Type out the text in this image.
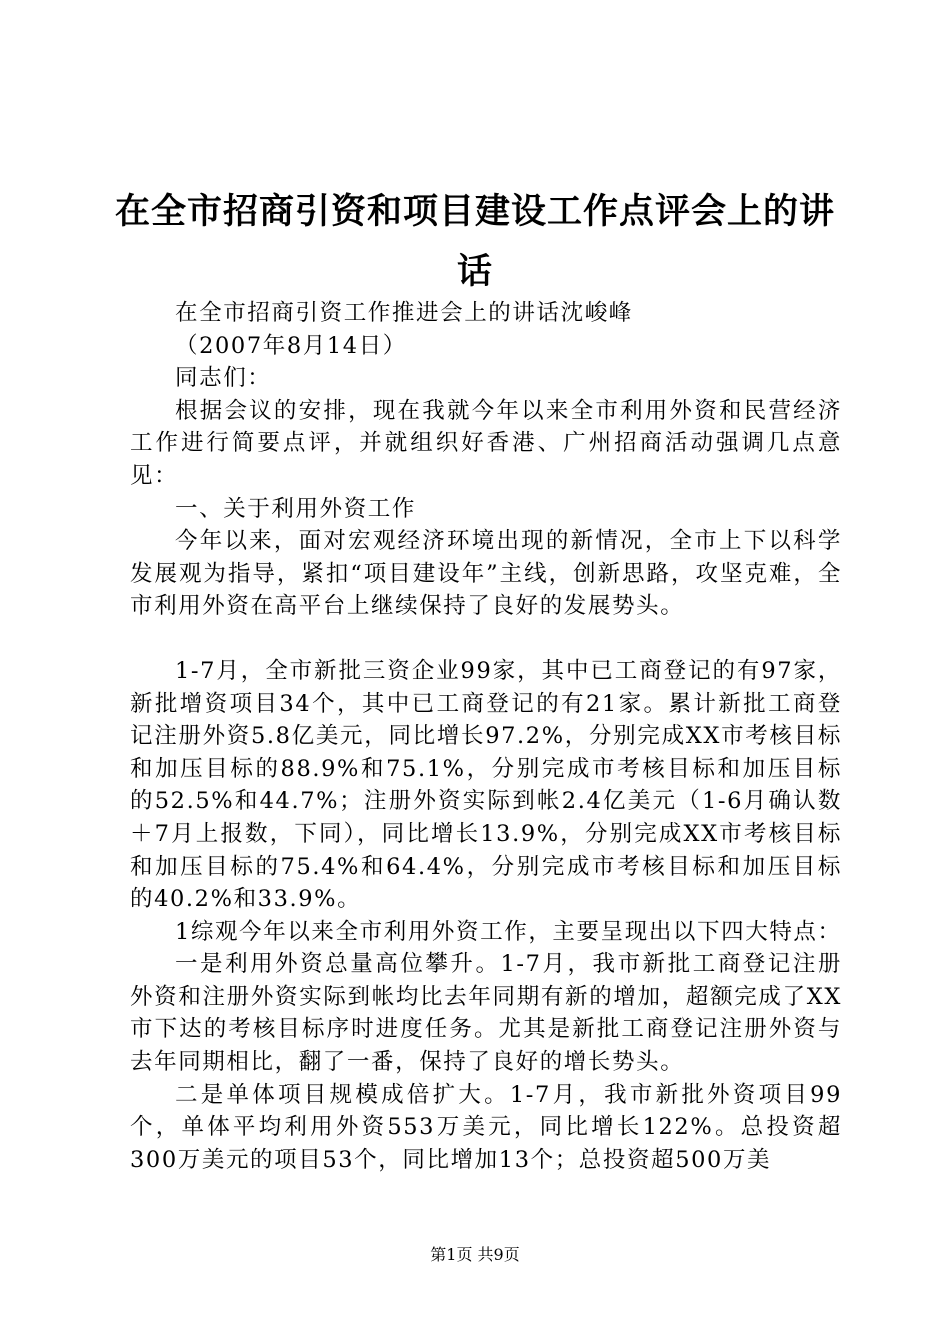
在全市招商引资和项目建设工作点评会上的讲
话

在全市招商引资工作推进会上的讲话沈峻峰

（2007年8月14日）

同志们：

根据会议的安排，现在我就今年以来全市利用外资和民营经济工作进行简要点评，并就组织好香港、广州招商活动强调几点意见：

一、关于利用外资工作

今年以来，面对宏观经济环境出现的新情况，全市上下以科学发展观为指导，紧扣“项目建设年”主线，创新思路，攻坚克难，全市利用外资在高平台上继续保持了良好的发展势头。

1-7月，全市新批三资企业99家，其中已工商登记的有97家，新批增资项目34个，其中已工商登记的有21家。累计新批工商登记注册外资5.8亿美元，同比增长97.2%，分别完成XX市考核目标和加压目标的88.9%和75.1%，分别完成市考核目标和加压目标的52.5%和44.7%；注册外资实际到帐2.4亿美元（1-6月确认数＋7月上报数，下同），同比增长13.9%，分别完成XX市考核目标和加压目标的75.4%和64.4%，分别完成市考核目标和加压目标的40.2%和33.9%。

1综观今年以来全市利用外资工作，主要呈现出以下四大特点：

一是利用外资总量高位攀升。1-7月，我市新批工商登记注册外资和注册外资实际到帐均比去年同期有新的增加，超额完成了XX市下达的考核目标序时进度任务。尤其是新批工商登记注册外资与去年同期相比，翻了一番，保持了良好的增长势头。

二是单体项目规模成倍扩大。1-7月，我市新批外资项目99个，单体平均利用外资553万美元，同比增长122%。总投资超300万美元的项目53个，同比增加13个；总投资超500万美

第1页 共9页
